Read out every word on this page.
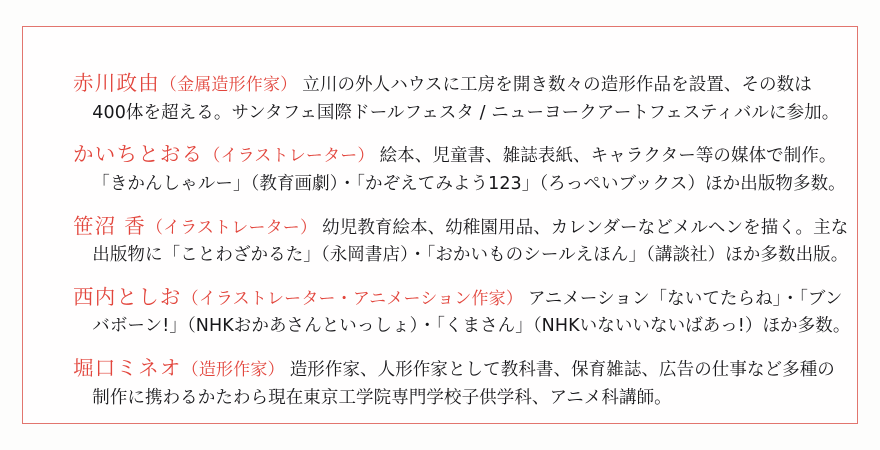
赤川政由（金属造形作家） 立川の外人ハウスに工房を開き数々の造形作品を設置、その数は
400体を超える。サンタフェ国際ドールフェスタ / ニューヨークアートフェスティバルに参加。
かいちとおる（イラストレーター） 絵本、児童書、雑誌表紙、キャラクター等の媒体で制作。
「きかんしゃルー」（教育画劇）・「かぞえてみよう123」（ろっぺいブックス）ほか出版物多数。
笹沼 香（イラストレーター） 幼児教育絵本、幼稚園用品、カレンダーなどメルヘンを描く。主な
出版物に「ことわざかるた」（永岡書店）・「おかいものシールえほん」（講談社）ほか多数出版。
西内としお（イラストレーター・アニメーション作家） アニメーション「ないてたらね」・「ブン
バボーン!」（NHKおかあさんといっしょ）・「くまさん」（NHKいないいないばあっ!）ほか多数。
堀口ミネオ（造形作家） 造形作家、人形作家として教科書、保育雑誌、広告の仕事など多種の
制作に携わるかたわら現在東京工学院専門学校子供学科、アニメ科講師。
